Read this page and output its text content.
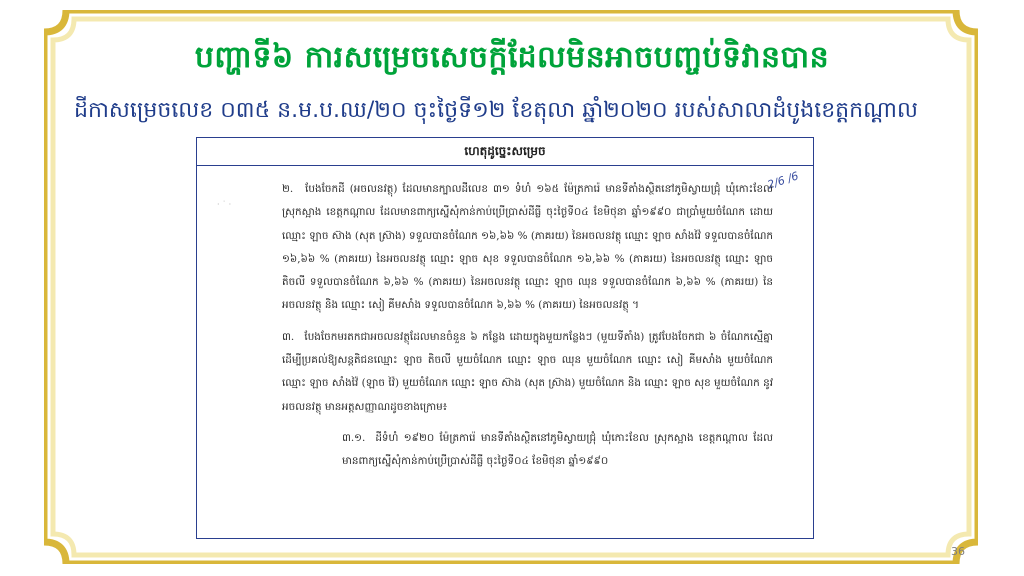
បញ្ហាទី៦ ការសម្រេចសេចក្តីដែលមិនអាចបញ្ចប់ទិវានបាន
ដីកាសម្រេចលេខ ០៣៥ ន.ម.ប.ឈ/២០ ចុះថ្ងៃទី១២ ខែតុលា ឆ្នាំ២០២០ របស់សាលាដំបូងខេត្តកណ្តាល
ហេតុដូច្នេះសម្រេច
2/6 /6
· ˙ ·

២. បែងចែកដី (អចលនវត្ថុ) ដែលមានក្បាលដីលេខ ៣១ ទំហំ ១៦៥ ម៉ែត្រការ៉េ មានទីតាំងស្ថិតនៅភូមិស្វាយជ្រុំ ឃុំកោះខែល ស្រុកស្អាង ខេត្តកណ្តាល ដែលមានពាក្យស្នើសុំកាន់កាប់ប្រើប្រាស់ដីធ្លី ចុះថ្ងៃទី០៤ ខែមិថុនា ឆ្នាំ១៩៩០ ជាប្រាំមួយចំណែក ដោយឈ្មោះ ឡាច ស៊ាង (សុត ស្រ៊ាង) ទទួលបានចំណែក ១៦,៦៦ % (ភាគរយ) នៃអចលនវត្ថុ ឈ្មោះ ឡាច សាំងវ៉ៃ ទទួលបានចំណែក ១៦,៦៦ % (ភាគរយ) នៃអចលនវត្ថុ ឈ្មោះ ឡាច សុខ ទទួលបានចំណែក ១៦,៦៦ % (ភាគរយ) នៃអចលនវត្ថុ ឈ្មោះ ឡាច តិចលី ទទួលបានចំណែក ៦,៦៦ % (ភាគរយ) នៃអចលនវត្ថុ ឈ្មោះ ឡាច ឈុន ទទួលបានចំណែក ៦,៦៦ % (ភាគរយ) នៃអចលនវត្ថុ និង ឈ្មោះ សៀ គីមសាំង ទទួលបានចំណែក ៦,៦៦ % (ភាគរយ) នៃអចលនវត្ថុ ។

៣. បែងចែកមរតកជាអចលនវត្ថុដែលមានចំនួន ៦ កន្លែង ដោយក្នុងមួយកន្លែងៗ (មួយទីតាំង) ត្រូវបែងចែកជា ៦ ចំណែកស្មើគ្នា ដើម្បីប្រគល់ឱ្យសន្តតិជនឈ្មោះ ឡាច តិចលី មួយចំណែក ឈ្មោះ ឡាច ឈុន មួយចំណែក ឈ្មោះ សៀ គីមសាំង មួយចំណែក ឈ្មោះ ឡាច សាំងវ៉ៃ (ឡាច វ៉ៃ) មួយចំណែក ឈ្មោះ ឡាច ស៊ាង (សុត ស្រ៊ាង) មួយចំណែក និង ឈ្មោះ ឡាច សុខ មួយចំណែក នូវអចលនវត្ថុ មានអត្តសញ្ញាណដូចខាងក្រោម៖

៣.១. ដីទំហំ ១៩២០ ម៉ែត្រការ៉េ មានទីតាំងស្ថិតនៅភូមិស្វាយជ្រុំ ឃុំកោះខែល ស្រុកស្អាង ខេត្តកណ្តាល ដែលមានពាក្យស្នើសុំកាន់កាប់ប្រើប្រាស់ដីធ្លី ចុះថ្ងៃទី០៤ ខែមិថុនា ឆ្នាំ១៩៩០

36
